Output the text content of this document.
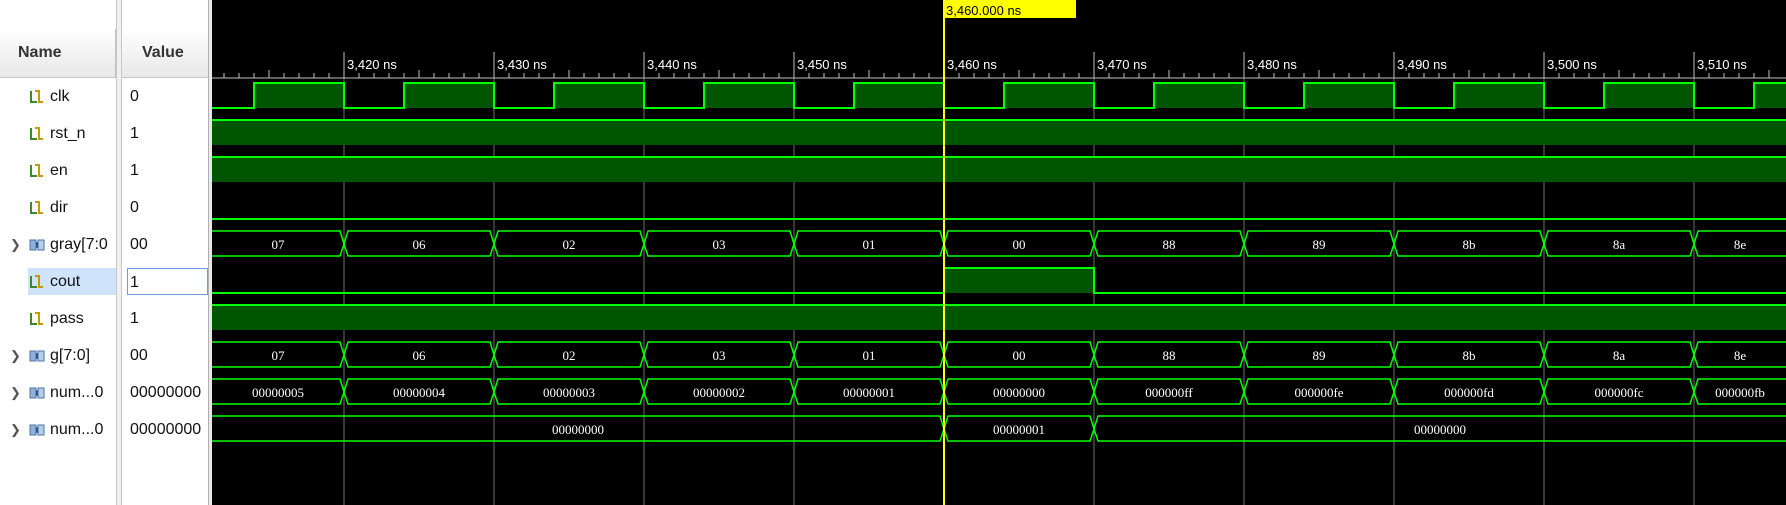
Name	Value
clk	0
rst_n	1
en	1
dir	0
❯ gray[7:0 00
cout	1
pass	1
❯ g[7:0] 00
❯ num...0 00000000
❯ num...0 00000000
3,420 ns	3,430 ns	3,440 ns	3,450 ns	3,460 ns	3,470 ns	3,480 ns	3,490 ns	3,500 ns	3,510 ns
07	06	02	03	01	00	88	89	8b	8a	8e
07	06	02	03	01	00	88	89	8b	8a	8e
00000005	00000004	00000003	00000002	00000001	00000000	000000ff	000000fe	000000fd	000000fc	000000fb
00000000	00000001	00000000
3,460.000 ns
